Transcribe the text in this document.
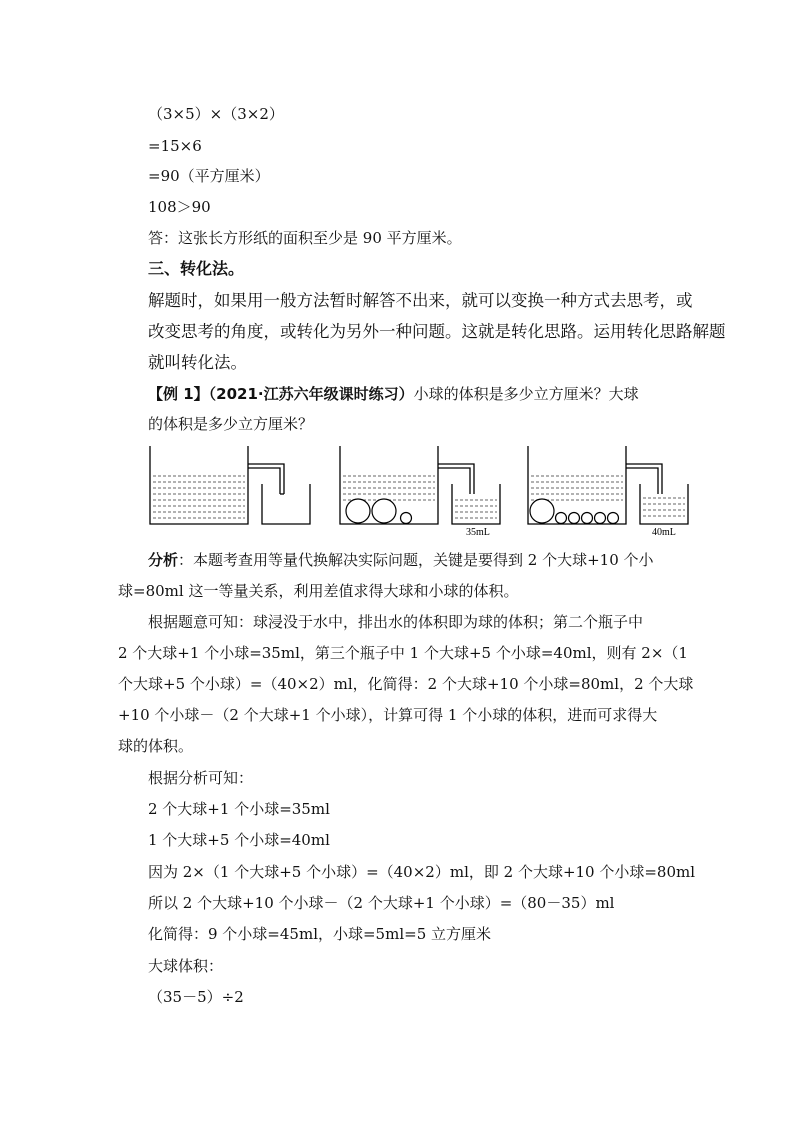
（3×5）×（3×2）
=15×6
=90（平方厘米）
108＞90
答：这张长方形纸的面积至少是 90 平方厘米。
三、转化法。
解题时，如果用一般方法暂时解答不出来，就可以变换一种方式去思考，或
改变思考的角度，或转化为另外一种问题。这就是转化思路。运用转化思路解题
就叫转化法。
【例 1】（2021·江苏六年级课时练习）小球的体积是多少立方厘米？大球
的体积是多少立方厘米？
35mL	40mL
分析：本题考查用等量代换解决实际问题，关键是要得到 2 个大球+10 个小
球=80ml 这一等量关系，利用差值求得大球和小球的体积。
根据题意可知：球浸没于水中，排出水的体积即为球的体积；第二个瓶子中
2 个大球+1 个小球=35ml，第三个瓶子中 1 个大球+5 个小球=40ml，则有 2×（1
个大球+5 个小球）=（40×2）ml，化简得：2 个大球+10 个小球=80ml，2 个大球
+10 个小球－（2 个大球+1 个小球），计算可得 1 个小球的体积，进而可求得大
球的体积。
根据分析可知：
2 个大球+1 个小球=35ml
1 个大球+5 个小球=40ml
因为 2×（1 个大球+5 个小球）=（40×2）ml，即 2 个大球+10 个小球=80ml
所以 2 个大球+10 个小球－（2 个大球+1 个小球）=（80－35）ml
化简得：9 个小球=45ml，小球=5ml=5 立方厘米
大球体积：
（35－5）÷2
